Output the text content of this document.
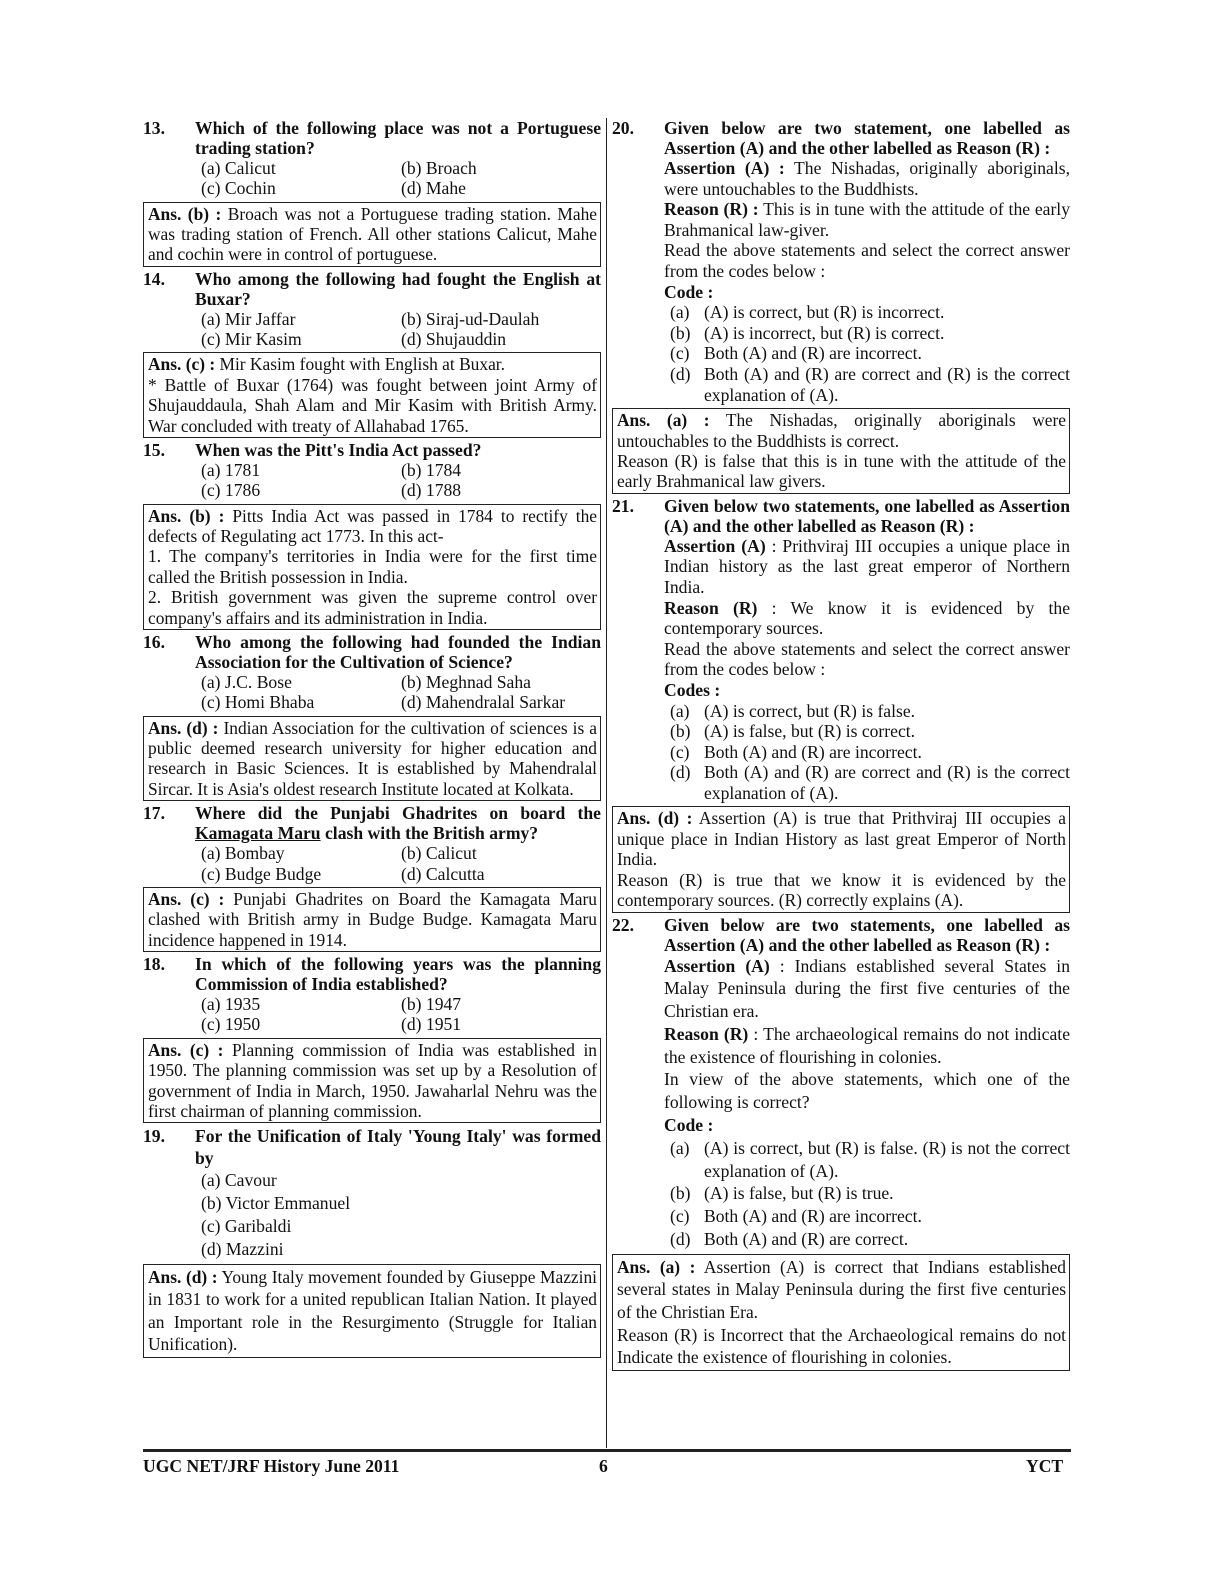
13.	Which of the following place was not a Portuguese trading station?
(a) Calicut	(b) Broach
(c) Cochin	(d) Mahe
Ans. (b) : Broach was not a Portuguese trading station. Mahe was trading station of French. All other stations Calicut, Mahe and cochin were in control of portuguese.
14.	Who among the following had fought the English at Buxar?
(a) Mir Jaffar	(b) Siraj-ud-Daulah
(c) Mir Kasim	(d) Shujauddin
Ans. (c) : Mir Kasim fought with English at Buxar.
* Battle of Buxar (1764) was fought between joint Army of Shujauddaula, Shah Alam and Mir Kasim with British Army. War concluded with treaty of Allahabad 1765.
15.	When was the Pitt's India Act passed?
(a) 1781	(b) 1784
(c) 1786	(d) 1788
Ans. (b) : Pitts India Act was passed in 1784 to rectify the defects of Regulating act 1773. In this act-
1. The company's territories in India were for the first time called the British possession in India.
2. British government was given the supreme control over company's affairs and its administration in India.
16.	Who among the following had founded the Indian Association for the Cultivation of Science?
(a) J.C. Bose	(b) Meghnad Saha
(c) Homi Bhaba	(d) Mahendralal Sarkar
Ans. (d) : Indian Association for the cultivation of sciences is a public deemed research university for higher education and research in Basic Sciences. It is established by Mahendralal Sircar. It is Asia's oldest research Institute located at Kolkata.
17.	Where did the Punjabi Ghadrites on board the Kamagata Maru clash with the British army?
(a) Bombay	(b) Calicut
(c) Budge Budge	(d) Calcutta
Ans. (c) : Punjabi Ghadrites on Board the Kamagata Maru clashed with British army in Budge Budge. Kamagata Maru incidence happened in 1914.
18.	In which of the following years was the planning Commission of India established?
(a) 1935	(b) 1947
(c) 1950	(d) 1951
Ans. (c) : Planning commission of India was established in 1950. The planning commission was set up by a Resolution of government of India in March, 1950. Jawaharlal Nehru was the first chairman of planning commission.
19.	For the Unification of Italy 'Young Italy' was formed by
(a) Cavour
(b) Victor Emmanuel
(c) Garibaldi
(d) Mazzini
Ans. (d) : Young Italy movement founded by Giuseppe Mazzini in 1831 to work for a united republican Italian Nation. It played an Important role in the Resurgimento (Struggle for Italian Unification).
20.	Given below are two statement, one labelled as Assertion (A) and the other labelled as Reason (R) :
Assertion (A) : The Nishadas, originally aboriginals, were untouchables to the Buddhists.
Reason (R) : This is in tune with the attitude of the early Brahmanical law-giver.
Read the above statements and select the correct answer from the codes below :
Code :
(a) (A) is correct, but (R) is incorrect.
(b) (A) is incorrect, but (R) is correct.
(c) Both (A) and (R) are incorrect.
(d) Both (A) and (R) are correct and (R) is the correct explanation of (A).
Ans. (a) : The Nishadas, originally aboriginals were untouchables to the Buddhists is correct.
Reason (R) is false that this is in tune with the attitude of the early Brahmanical law givers.
21.	Given below two statements, one labelled as Assertion (A) and the other labelled as Reason (R) :
Assertion (A) : Prithviraj III occupies a unique place in Indian history as the last great emperor of Northern India.
Reason (R) : We know it is evidenced by the contemporary sources.
Read the above statements and select the correct answer from the codes below :
Codes :
(a) (A) is correct, but (R) is false.
(b) (A) is false, but (R) is correct.
(c) Both (A) and (R) are incorrect.
(d) Both (A) and (R) are correct and (R) is the correct explanation of (A).
Ans. (d) : Assertion (A) is true that Prithviraj III occupies a unique place in Indian History as last great Emperor of North India.
Reason (R) is true that we know it is evidenced by the contemporary sources. (R) correctly explains (A).
22.	Given below are two statements, one labelled as Assertion (A) and the other labelled as Reason (R) :
Assertion (A) : Indians established several States in Malay Peninsula during the first five centuries of the Christian era.
Reason (R) : The archaeological remains do not indicate the existence of flourishing in colonies.
In view of the above statements, which one of the following is correct?
Code :
(a) (A) is correct, but (R) is false. (R) is not the correct explanation of (A).
(b) (A) is false, but (R) is true.
(c) Both (A) and (R) are incorrect.
(d) Both (A) and (R) are correct.
Ans. (a) : Assertion (A) is correct that Indians established several states in Malay Peninsula during the first five centuries of the Christian Era.
Reason (R) is Incorrect that the Archaeological remains do not Indicate the existence of flourishing in colonies.
UGC NET/JRF History June 2011	6	YCT
